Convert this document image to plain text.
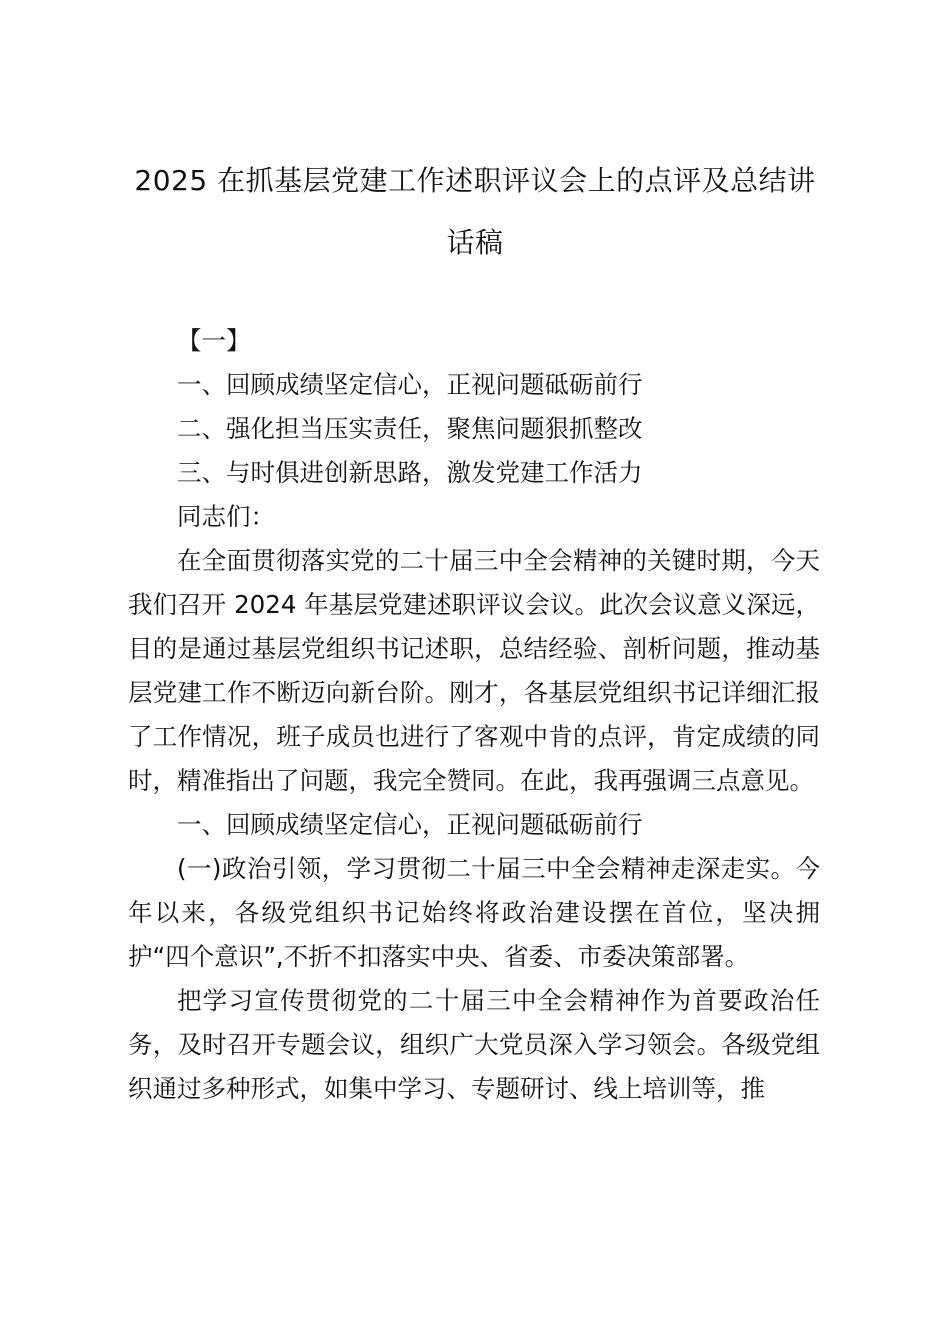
2025 在抓基层党建工作述职评议会上的点评及总结讲话稿

【一】

一、回顾成绩坚定信心，正视问题砥砺前行

二、强化担当压实责任，聚焦问题狠抓整改

三、与时俱进创新思路，激发党建工作活力

同志们：

在全面贯彻落实党的二十届三中全会精神的关键时期，今天我们召开 2024 年基层党建述职评议会议。此次会议意义深远，目的是通过基层党组织书记述职，总结经验、剖析问题，推动基层党建工作不断迈向新台阶。刚才，各基层党组织书记详细汇报了工作情况，班子成员也进行了客观中肯的点评，肯定成绩的同时，精准指出了问题，我完全赞同。在此，我再强调三点意见。

一、回顾成绩坚定信心，正视问题砥砺前行

(一)政治引领，学习贯彻二十届三中全会精神走深走实。今年以来，各级党组织书记始终将政治建设摆在首位，坚决拥护“四个意识”,不折不扣落实中央、省委、市委决策部署。

把学习宣传贯彻党的二十届三中全会精神作为首要政治任务，及时召开专题会议，组织广大党员深入学习领会。各级党组织通过多种形式，如集中学习、专题研讨、线上培训等，推
